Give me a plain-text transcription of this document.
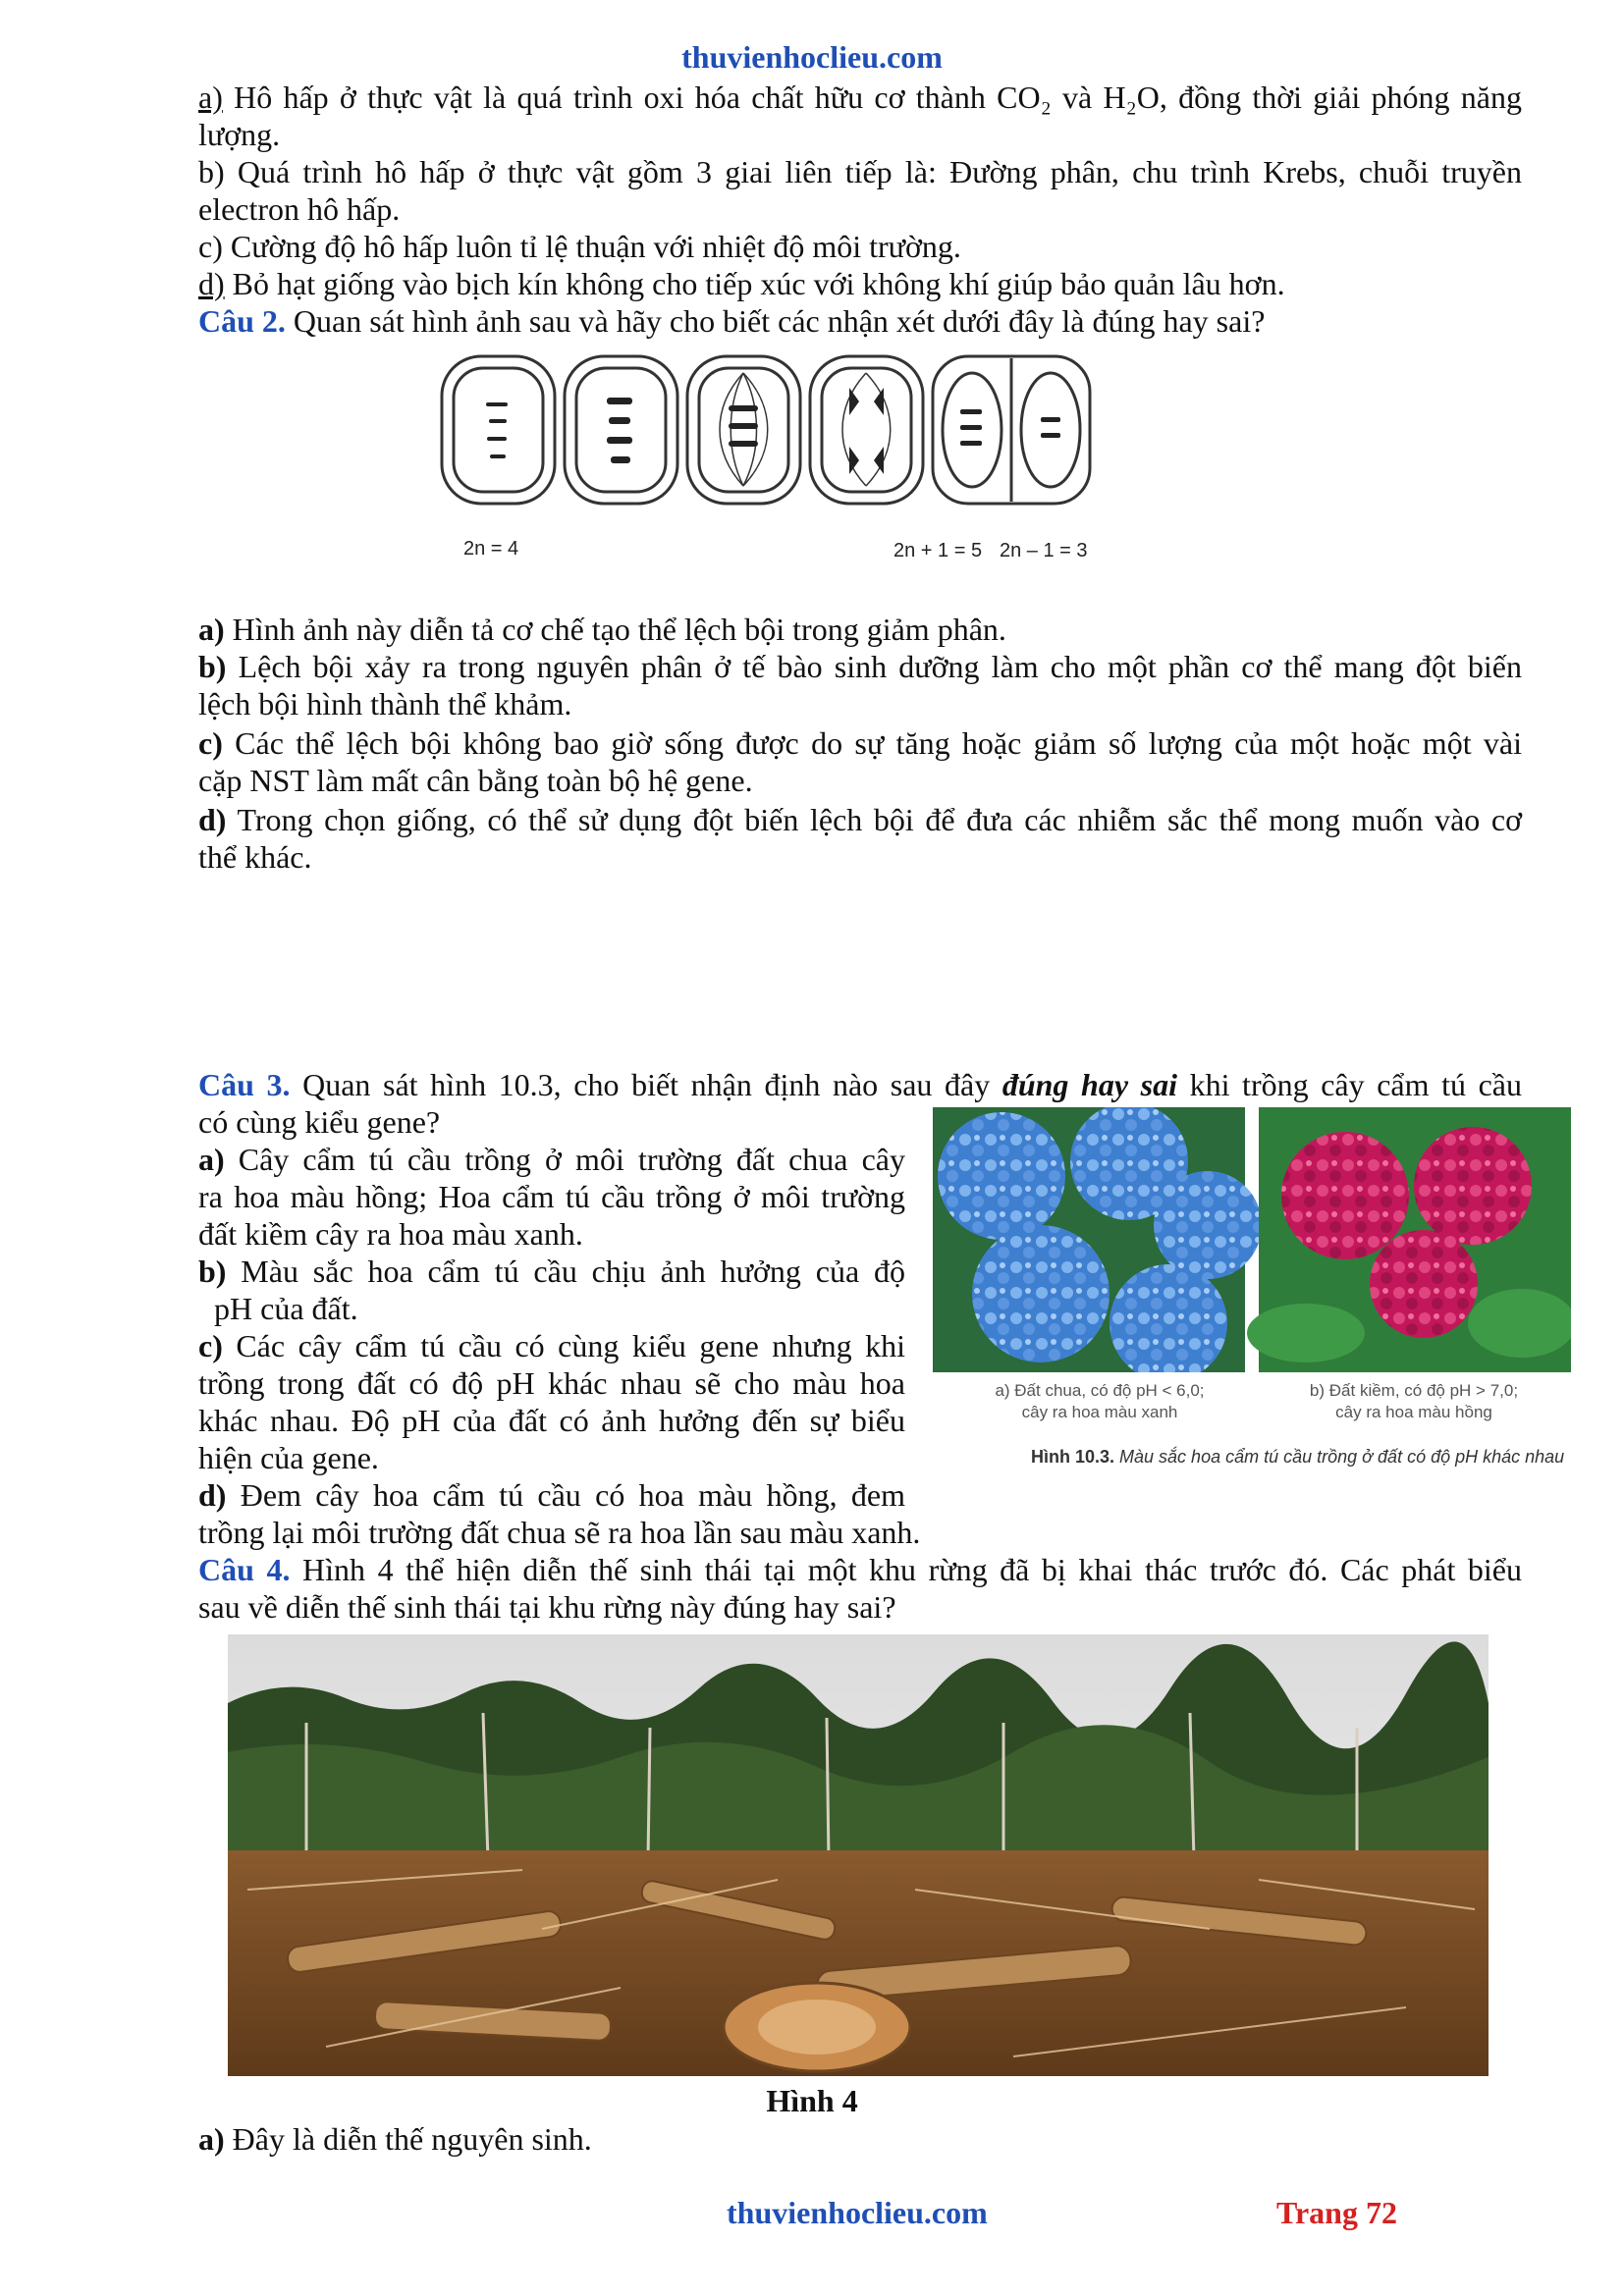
thuvienhoclieu.com
a) Hô hấp ở thực vật là quá trình oxi hóa chất hữu cơ thành CO₂ và H₂O, đồng thời giải phóng năng
lượng.
b) Quá trình hô hấp ở thực vật gồm 3 giai liên tiếp là: Đường phân, chu trình Krebs, chuỗi truyền
electron hô hấp.
c) Cường độ hô hấp luôn tỉ lệ thuận với nhiệt độ môi trường.
d) Bỏ hạt giống vào bịch kín không cho tiếp xúc với không khí giúp bảo quản lâu hơn.
Câu 2. Quan sát hình ảnh sau và hãy cho biết các nhận xét dưới đây là đúng hay sai?
2n = 4	2n + 1 = 5 2n – 1 = 3
a) Hình ảnh này diễn tả cơ chế tạo thể lệch bội trong giảm phân.
b) Lệch bội xảy ra trong nguyên phân ở tế bào sinh dưỡng làm cho một phần cơ thể mang đột biến
lệch bội hình thành thể khảm.
c) Các thể lệch bội không bao giờ sống được do sự tăng hoặc giảm số lượng của một hoặc một vài
cặp NST làm mất cân bằng toàn bộ hệ gene.
d) Trong chọn giống, có thể sử dụng đột biến lệch bội để đưa các nhiễm sắc thể mong muốn vào cơ
thể khác.
Câu 3. Quan sát hình 10.3, cho biết nhận định nào sau đây đúng hay sai khi trồng cây cẩm tú cầu
có cùng kiểu gene?
a) Cây cẩm tú cầu trồng ở môi trường đất chua cây
ra hoa màu hồng; Hoa cẩm tú cầu trồng ở môi trường
đất kiềm cây ra hoa màu xanh.
b) Màu sắc hoa cẩm tú cầu chịu ảnh hưởng của độ
pH của đất.
c) Các cây cẩm tú cầu có cùng kiểu gene nhưng khi
trồng trong đất có độ pH khác nhau sẽ cho màu hoa
khác nhau. Độ pH của đất có ảnh hưởng đến sự biểu
hiện của gene.
d) Đem cây hoa cẩm tú cầu có hoa màu hồng, đem
trồng lại môi trường đất chua sẽ ra hoa lần sau màu xanh.
a) Đất chua, có độ pH < 6,0;
cây ra hoa màu xanh
b) Đất kiềm, có độ pH > 7,0;
cây ra hoa màu hồng
Hình 10.3. Màu sắc hoa cẩm tú cầu trồng ở đất có độ pH khác nhau
Câu 4. Hình 4 thể hiện diễn thế sinh thái tại một khu rừng đã bị khai thác trước đó. Các phát biểu
sau về diễn thế sinh thái tại khu rừng này đúng hay sai?
Hình 4
a) Đây là diễn thế nguyên sinh.
thuvienhoclieu.com	Trang 72
